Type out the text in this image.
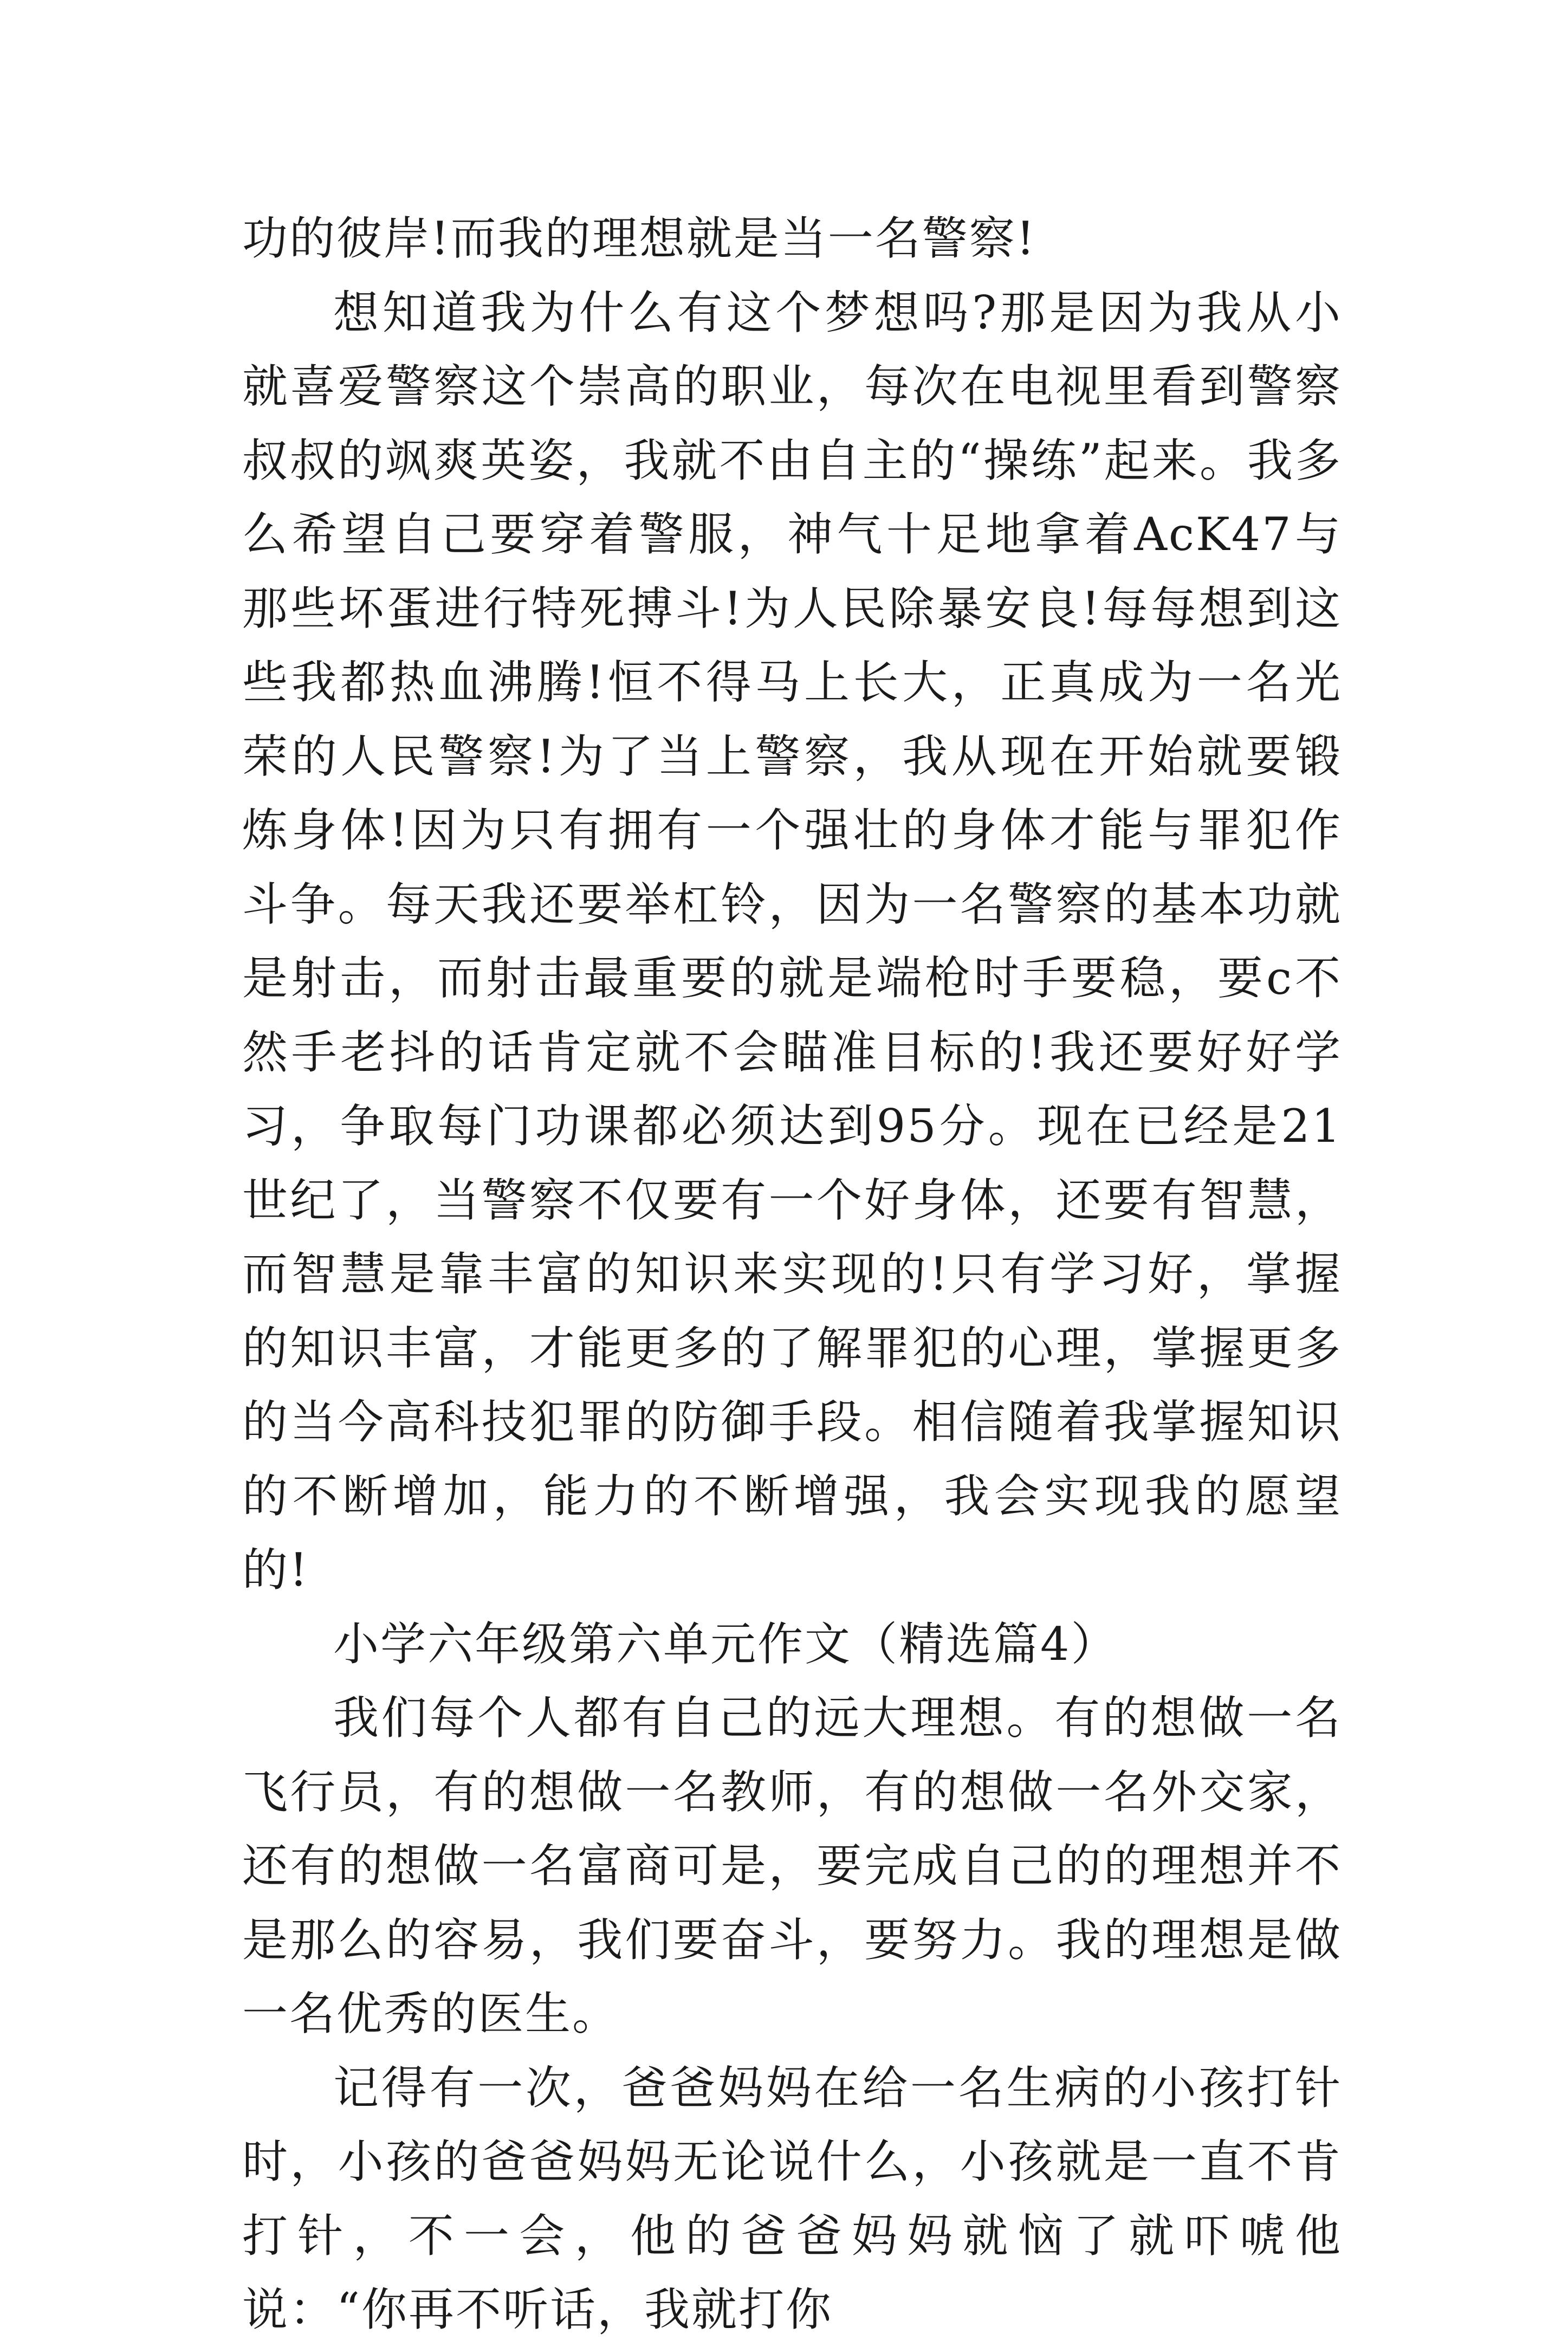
功的彼岸!而我的理想就是当一名警察!

想知道我为什么有这个梦想吗?那是因为我从小就喜爱警察这个崇高的职业，每次在电视里看到警察叔叔的飒爽英姿，我就不由自主的“操练”起来。我多么希望自己要穿着警服，神气十足地拿着AcK47与那些坏蛋进行特死搏斗!为人民除暴安良!每每想到这些我都热血沸腾!恒不得马上长大，正真成为一名光荣的人民警察!为了当上警察，我从现在开始就要锻炼身体!因为只有拥有一个强壮的身体才能与罪犯作斗争。每天我还要举杠铃，因为一名警察的基本功就是射击，而射击最重要的就是端枪时手要稳，要c不然手老抖的话肯定就不会瞄准目标的!我还要好好学习，争取每门功课都必须达到95分。现在已经是21世纪了，当警察不仅要有一个好身体，还要有智慧，而智慧是靠丰富的知识来实现的!只有学习好，掌握的知识丰富，才能更多的了解罪犯的心理，掌握更多的当今高科技犯罪的防御手段。相信随着我掌握知识的不断增加，能力的不断增强，我会实现我的愿望的!

小学六年级第六单元作文（精选篇4）

我们每个人都有自己的远大理想。有的想做一名飞行员，有的想做一名教师，有的想做一名外交家，还有的想做一名富商可是，要完成自己的的理想并不是那么的容易，我们要奋斗，要努力。我的理想是做一名优秀的医生。

记得有一次，爸爸妈妈在给一名生病的小孩打针时，小孩的爸爸妈妈无论说什么，小孩就是一直不肯打针，不一会，他的爸爸妈妈就恼了就吓唬他说：“你再不听话，我就打你
